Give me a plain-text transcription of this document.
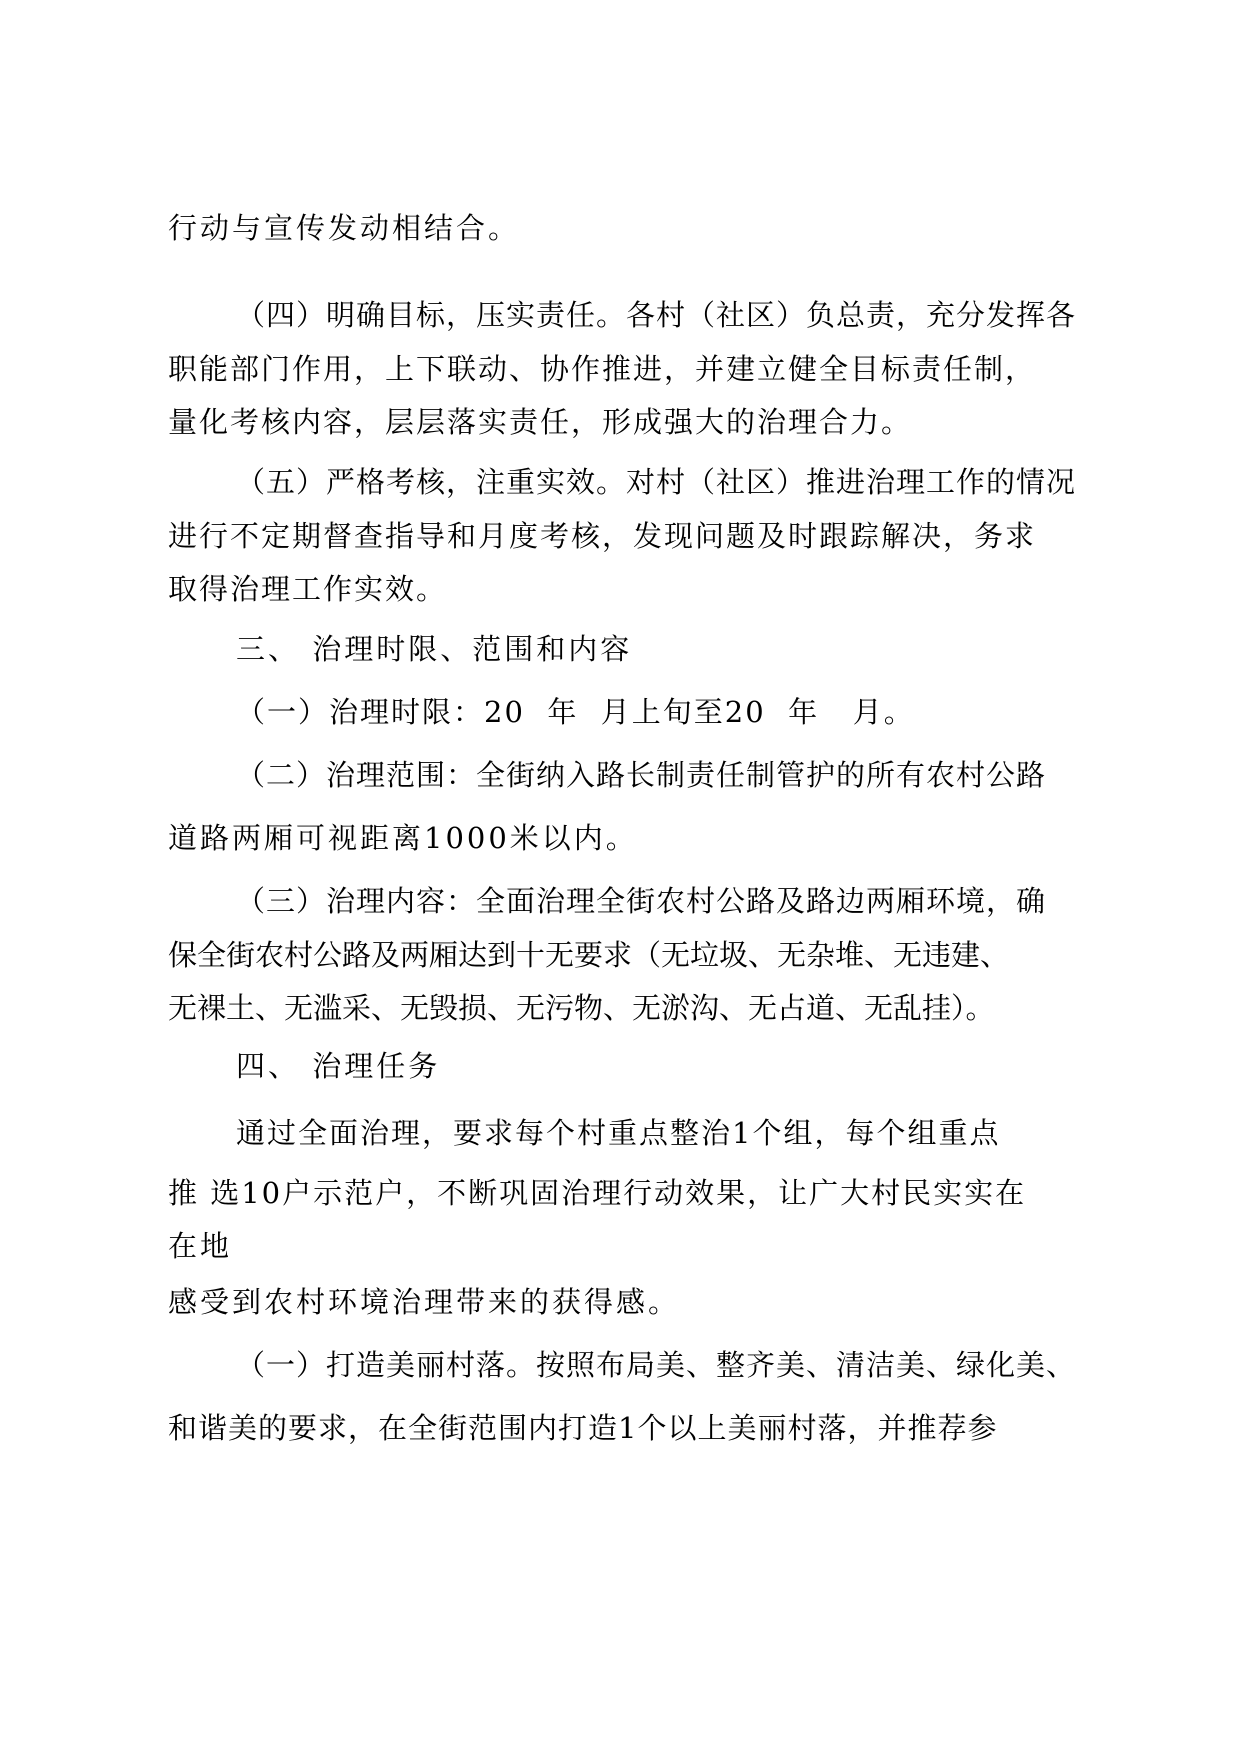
行动与宣传发动相结合。

（四）明确目标，压实责任。各村（社区）负总责，充分发挥各

职能部门作用，上下联动、协作推进，并建立健全目标责任制，

量化考核内容，层层落实责任，形成强大的治理合力。

（五）严格考核，注重实效。对村（社区）推进治理工作的情况

进行不定期督查指导和月度考核，发现问题及时跟踪解决，务求

取得治理工作实效。

三、 治理时限、范围和内容

（一）治理时限：20  年  月上旬至20  年   月。

（二）治理范围：全街纳入路长制责任制管护的所有农村公路

道路两厢可视距离1000米以内。

（三）治理内容：全面治理全街农村公路及路边两厢环境，确

保全街农村公路及两厢达到十无要求（无垃圾、无杂堆、无违建、

无裸土、无滥采、无毁损、无污物、无淤沟、无占道、无乱挂）。

四、 治理任务

通过全面治理，要求每个村重点整治1个组，每个组重点

推 选10户示范户，不断巩固治理行动效果，让广大村民实实在

在地

感受到农村环境治理带来的获得感。

（一）打造美丽村落。按照布局美、整齐美、清洁美、绿化美、

和谐美的要求，在全街范围内打造1个以上美丽村落，并推荐参
